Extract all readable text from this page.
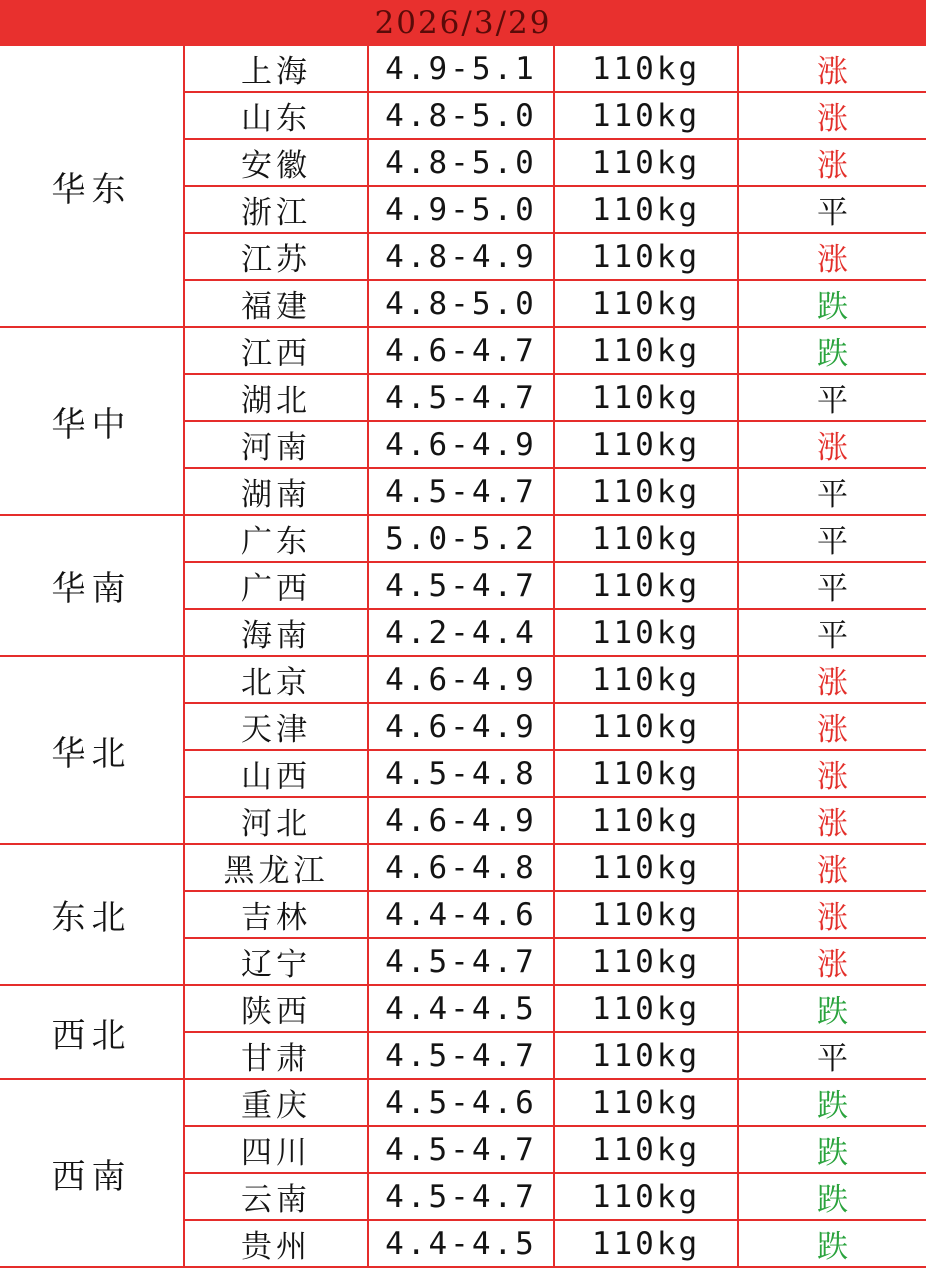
2026/3/29
华东	上海	4.9-5.1	110kg	涨
	山东	4.8-5.0	110kg	涨
	安徽	4.8-5.0	110kg	涨
	浙江	4.9-5.0	110kg	平
	江苏	4.8-4.9	110kg	涨
	福建	4.8-5.0	110kg	跌
华中	江西	4.6-4.7	110kg	跌
	湖北	4.5-4.7	110kg	平
	河南	4.6-4.9	110kg	涨
	湖南	4.5-4.7	110kg	平
华南	广东	5.0-5.2	110kg	平
	广西	4.5-4.7	110kg	平
	海南	4.2-4.4	110kg	平
华北	北京	4.6-4.9	110kg	涨
	天津	4.6-4.9	110kg	涨
	山西	4.5-4.8	110kg	涨
	河北	4.6-4.9	110kg	涨
东北	黑龙江	4.6-4.8	110kg	涨
	吉林	4.4-4.6	110kg	涨
	辽宁	4.5-4.7	110kg	涨
西北	陕西	4.4-4.5	110kg	跌
	甘肃	4.5-4.7	110kg	平
西南	重庆	4.5-4.6	110kg	跌
	四川	4.5-4.7	110kg	跌
	云南	4.5-4.7	110kg	跌
	贵州	4.4-4.5	110kg	跌
